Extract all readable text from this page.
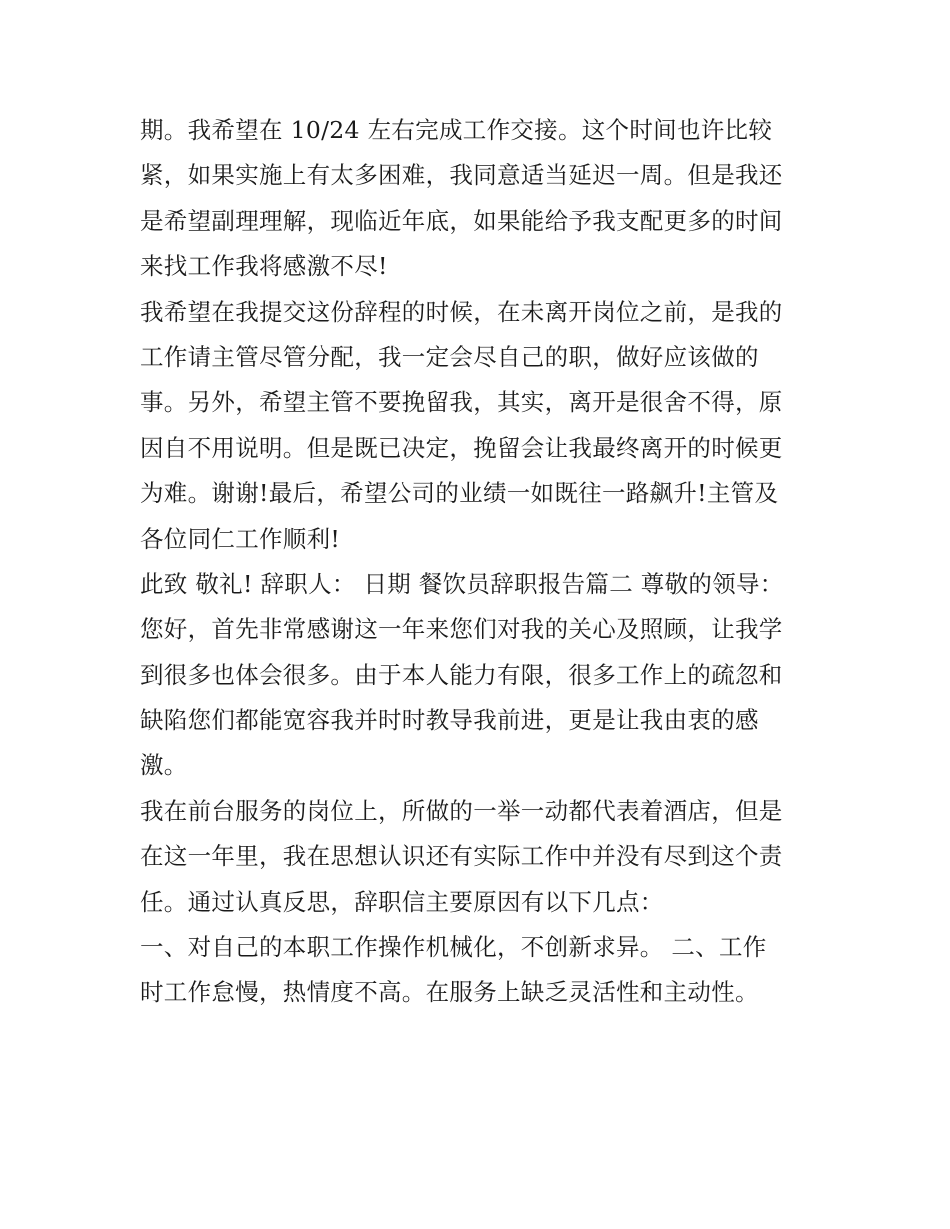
期。我希望在 10/24 左右完成工作交接。这个时间也许比较
紧，如果实施上有太多困难，我同意适当延迟一周。但是我还
是希望副理理解，现临近年底，如果能给予我支配更多的时间
来找工作我将感激不尽!
我希望在我提交这份辞程的时候，在未离开岗位之前，是我的
工作请主管尽管分配，我一定会尽自己的职，做好应该做的
事。另外，希望主管不要挽留我，其实，离开是很舍不得，原
因自不用说明。但是既已决定，挽留会让我最终离开的时候更
为难。谢谢!最后，希望公司的业绩一如既往一路飙升!主管及
各位同仁工作顺利!
此致 敬礼! 辞职人： 日期 餐饮员辞职报告篇二 尊敬的领导：
您好，首先非常感谢这一年来您们对我的关心及照顾，让我学
到很多也体会很多。由于本人能力有限，很多工作上的疏忽和
缺陷您们都能宽容我并时时教导我前进，更是让我由衷的感
激。
我在前台服务的岗位上，所做的一举一动都代表着酒店，但是
在这一年里，我在思想认识还有实际工作中并没有尽到这个责
任。通过认真反思，辞职信主要原因有以下几点：
一、对自己的本职工作操作机械化，不创新求异。 二、工作
时工作怠慢，热情度不高。在服务上缺乏灵活性和主动性。
